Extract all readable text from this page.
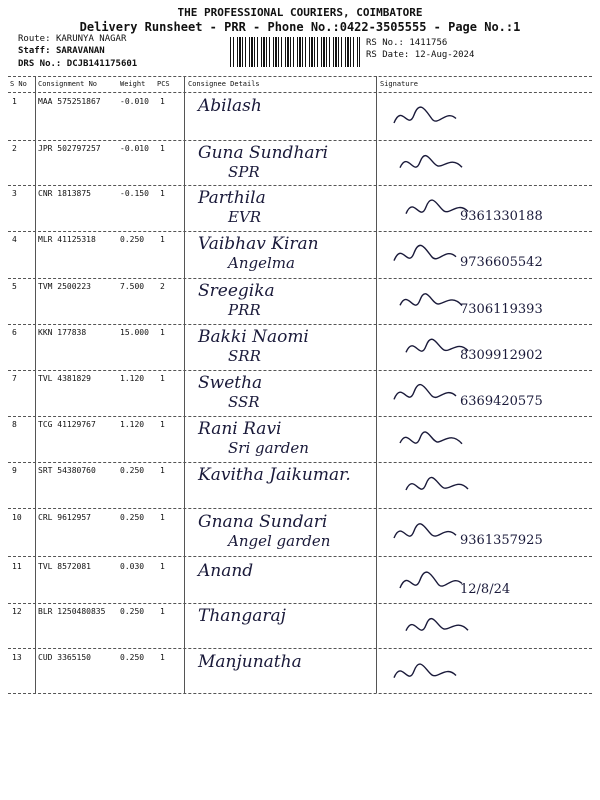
THE PROFESSIONAL COURIERS, COIMBATORE
Delivery Runsheet - PRR - Phone No.:0422-3505555 - Page No.:1
Route: KARUNYA NAGAR
Staff: SARAVANAN
DRS No.: DCJB141175601
RS No.: 1411756
RS Date: 12-Aug-2024
S No Consignment No	Weight PCS	Consignee Details	Signature
1	MAA 575251867 -0.010 1 Abilash
2	JPR 502797257 -0.010 1 Guna Sundhari
SPR
3	CNR 1813875	-0.150 1 Parthila
EVR	9361330188
4	MLR 41125318	0.250 1 Vaibhav Kiran
Angelma	9736605542
5	TVM 2500223	7.500 2 Sreegika
PRR	7306119393
6	KKN 177838	15.000 1 Bakki Naomi
SRR	8309912902
7	TVL 4381829	1.120 1 Swetha
SSR	6369420575
8	TCG 41129767	1.120 1 Rani Ravi
Sri garden
9	SRT 54380760	0.250 1 Kavitha Jaikumar.
10 CRL 9612957	0.250 1 Gnana Sundari
Angel garden	9361357925
11 TVL 8572081	0.030 1 Anand
12/8/24
12 BLR 1250480835 0.250 1 Thangaraj
13 CUD 3365150	0.250 1 Manjunatha
